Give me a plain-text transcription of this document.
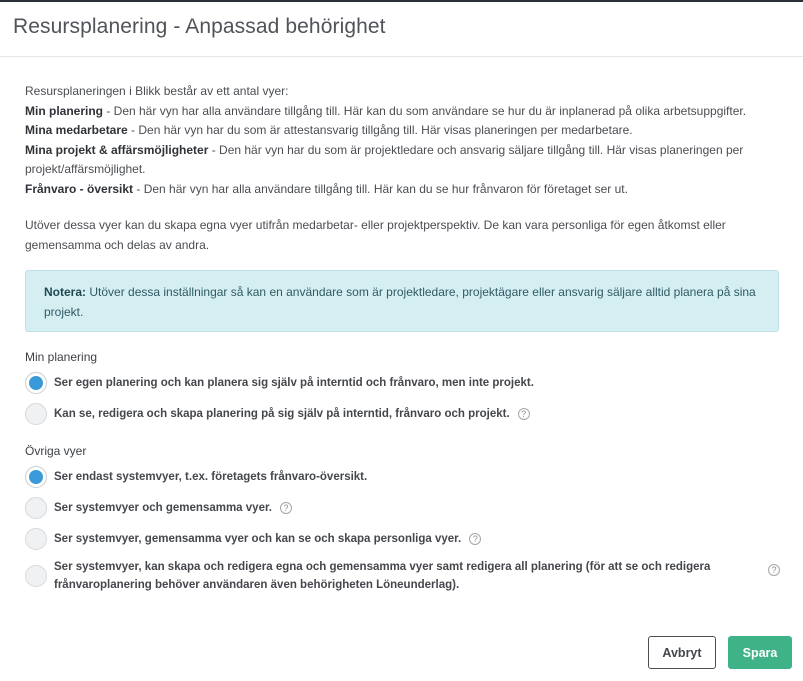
Resursplanering - Anpassad behörighet

Resursplaneringen i Blikk består av ett antal vyer:

Min planering - Den här vyn har alla användare tillgång till. Här kan du som användare se hur du är inplanerad på olika arbetsuppgifter.

Mina medarbetare - Den här vyn har du som är attestansvarig tillgång till. Här visas planeringen per medarbetare.

Mina projekt & affärsmöjligheter - Den här vyn har du som är projektledare och ansvarig säljare tillgång till. Här visas planeringen per projekt/affärsmöjlighet.

Frånvaro - översikt - Den här vyn har alla användare tillgång till. Här kan du se hur frånvaron för företaget ser ut.

Utöver dessa vyer kan du skapa egna vyer utifrån medarbetar- eller projektperspektiv. De kan vara personliga för egen åtkomst eller gemensamma och delas av andra.
Notera: Utöver dessa inställningar så kan en användare som är projektledare, projektägare eller ansvarig säljare alltid planera på sina projekt.
Min planering
Ser egen planering och kan planera sig själv på interntid och frånvaro, men inte projekt.
Kan se, redigera och skapa planering på sig själv på interntid, frånvaro och projekt. ?
Övriga vyer
Ser endast systemvyer, t.ex. företagets frånvaro-översikt.
Ser systemvyer och gemensamma vyer. ?
Ser systemvyer, gemensamma vyer och kan se och skapa personliga vyer. ?
Ser systemvyer, kan skapa och redigera egna och gemensamma vyer samt redigera all planering (för att se och redigera frånvaroplanering behöver användaren även behörigheten Löneunderlag).
?
Avbryt	Spara
